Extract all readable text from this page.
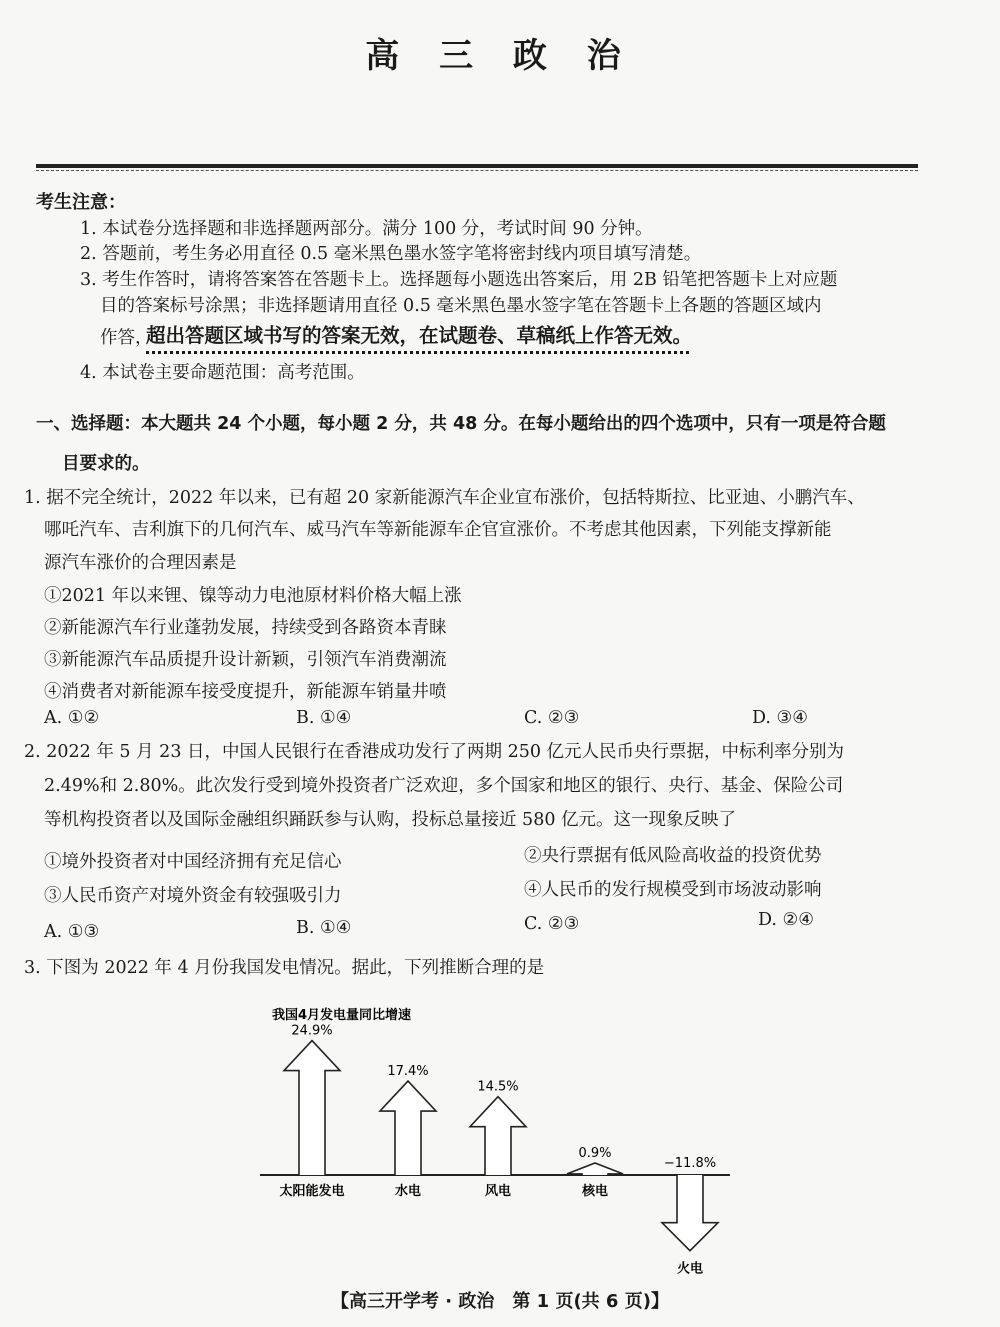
高 三 政 治
考生注意：
1. 本试卷分选择题和非选择题两部分。满分 100 分，考试时间 90 分钟。
2. 答题前，考生务必用直径 0.5 毫米黑色墨水签字笔将密封线内项目填写清楚。
3. 考生作答时，请将答案答在答题卡上。选择题每小题选出答案后，用 2B 铅笔把答题卡上对应题
目的答案标号涂黑；非选择题请用直径 0.5 毫米黑色墨水签字笔在答题卡上各题的答题区域内
作答，
超出答题区域书写的答案无效，在试题卷、草稿纸上作答无效。
4. 本试卷主要命题范围：高考范围。
一、选择题：本大题共 24 个小题，每小题 2 分，共 48 分。在每小题给出的四个选项中，只有一项是符合题
目要求的。
1. 据不完全统计，2022 年以来，已有超 20 家新能源汽车企业宣布涨价，包括特斯拉、比亚迪、小鹏汽车、
哪吒汽车、吉利旗下的几何汽车、威马汽车等新能源车企官宣涨价。不考虑其他因素，下列能支撑新能
源汽车涨价的合理因素是
①2021 年以来锂、镍等动力电池原材料价格大幅上涨
②新能源汽车行业蓬勃发展，持续受到各路资本青睐
③新能源汽车品质提升设计新颖，引领汽车消费潮流
④消费者对新能源车接受度提升，新能源车销量井喷
A. ①②	B. ①④	C. ②③	D. ③④
2. 2022 年 5 月 23 日，中国人民银行在香港成功发行了两期 250 亿元人民币央行票据，中标利率分别为
2.49%和 2.80%。此次发行受到境外投资者广泛欢迎，多个国家和地区的银行、央行、基金、保险公司
等机构投资者以及国际金融组织踊跃参与认购，投标总量接近 580 亿元。这一现象反映了
①境外投资者对中国经济拥有充足信心	②央行票据有低风险高收益的投资优势
③人民币资产对境外资金有较强吸引力	④人民币的发行规模受到市场波动影响
A. ①③	B. ①④	C. ②③	D. ②④
3. 下图为 2022 年 4 月份我国发电情况。据此，下列推断合理的是
我国4月发电量同比增速
24.9%
太阳能发电
17.4%
水电
14.5%
风电
0.9%
核电
−11.8%
火电
【高三开学考 · 政治　第 1 页(共 6 页)】
